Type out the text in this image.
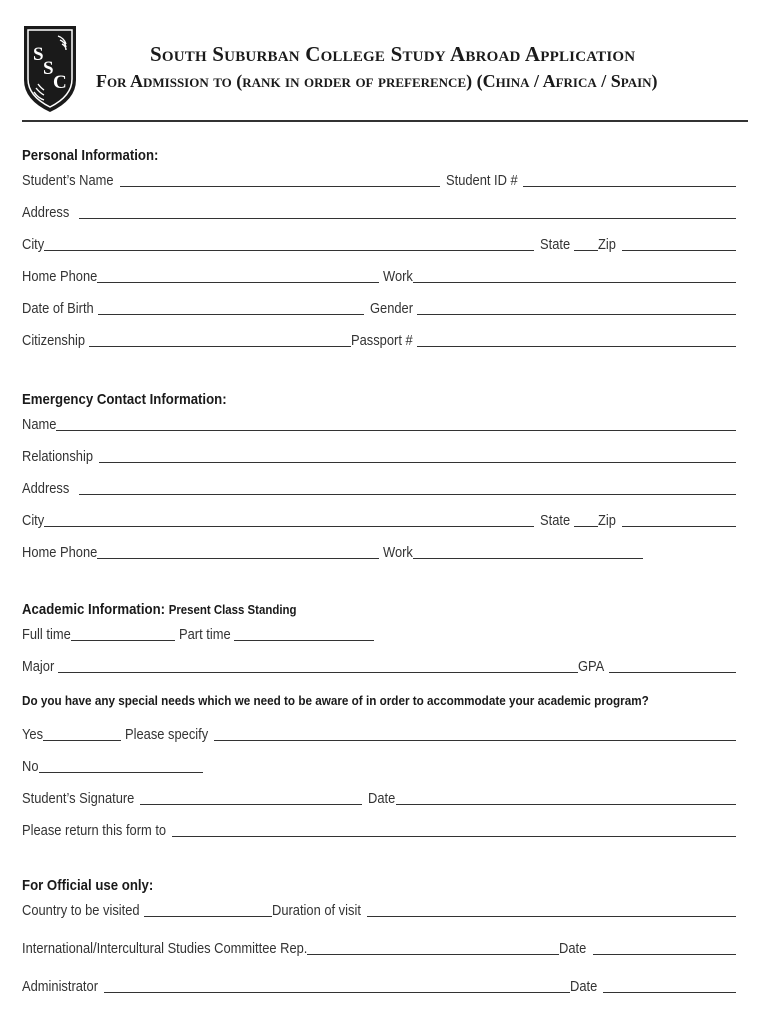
S
S
C
South Suburban College Study Abroad Application
For Admission to (rank in order of preference) (China / Africa / Spain)
Personal Information:
Student’s Name	Student ID #
Address
City	State Zip
Home Phone	Work
Date of Birth	Gender
Citizenship	Passport #
Emergency Contact Information:
Name
Relationship
Address
City	State Zip
Home Phone	Work
Academic Information: Present Class Standing
Full time	Part time
Major	GPA
Do you have any special needs which we need to be aware of in order to accommodate your academic program?
Yes	Please specify
No
Student’s Signature	Date
Please return this form to
For Official use only:
Country to be visited	Duration of visit
International/Intercultural Studies Committee Rep.	Date
Administrator	Date
